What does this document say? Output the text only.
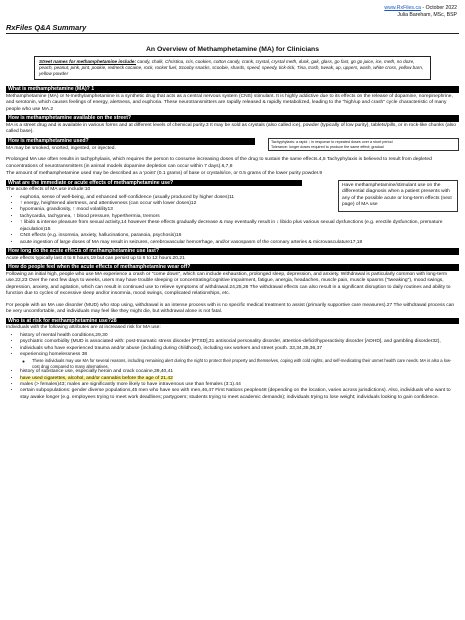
www.RxFiles.ca - October 2022
Julia Bareham, MSc, BSP
RxFiles Q&A Summary
An Overview of Methamphetamine (MA) for Clinicians
Street names for methamphetamine include: candy, chalk, Christina, cris, cookies, cotton candy, crank, crystal, crystal meth, dunk, gak, glass, go fast, go go juice, ice, meth, no doze, peach, peanut, pink, pint, pookie, redneck cocaine, rock, rocket fuel, Scooby snacks, scoobie, shards, speed, speedy, tick-tick, Tina, trash, tweak, up, uppers, wash, white cross, yellow barn, yellow powder
What is methamphetamine (MA)? 1
Methamphetamine (MA) or N-methylamphetamine is a synthetic drug that acts as a central nervous system (CNS) stimulant. It is highly addictive due to its effects on the release of dopamine, norepinephrine, and serotonin, which causes feelings of energy, alertness, and euphoria. These neurotransmitters are rapidly released & rapidly metabolized, leading to the "high/up and crash" cycle characteristic of many people who use MA.2
How is methamphetamine available on the street?
MA is a street drug and is available in various forms and at different levels of chemical purity.3 It may be sold as crystals (also called ice), powder (typically of low purity), tablets/pills, or in rock-like chunks (also called base).
How is methamphetamine used?
MA may be smoked, snorted, ingested, or injected.
Tachyphylaxis: a rapid ↓ in response to repeated doses over a short period
Tolerance: longer doses required to produce the same effect; gradual
Prolonged MA use often results in tachyphylaxis, which requires the person to consume increasing doses of the drug to sustain the same effects.4,5 Tachyphylaxis is believed to result from depleted concentrations of neurotransmitters (in animal models dopamine depletion can occur within 7 days).6,7,8
The amount of methamphetamine used may be described as a 'point' (0.1 grams) of base or crystals/ice, or 0.5 grams of the lower purity powder.9
What are the immediate or acute effects of methamphetamine use?
The acute effects of MA use include:10
• euphoria, sense of well-being, and enhanced self-confidence (usually produced by higher doses)11
• ↑ energy, heightened alertness, and attentiveness (can occur with lower doses)12
• hypomania, grandiosity, ↑ mood volatility13
• tachycardia, tachypnea, ↑ blood pressure, hyperthermia, tremors
• ↑ libido & intense pleasure from sexual activity,14 however these effects gradually decrease & may eventually result in ↓ libido plus various sexual dysfunctions (e.g. erectile dysfunction, premature ejaculation)15
• CNS effects (e.g. insomnia, anxiety, hallucinations, paranoia, psychosis)16
• acute ingestion of large doses of MA may result in seizures, cerebrovascular hemorrhage, and/or vasospasm of the coronary arteries & microvasculature17,18
Have methamphetamine/stimulant use on the differential diagnosis when a patient presents with any of the possible acute or long-term effects (next page) of MA use
How long do the acute effects of methamphetamine use last?
Acute effects typically last 4 to 8 hours,19 but can persist up to 8 to 12 hours.20,21
How do people feel when the acute effects of methamphetamine wear off?
Following an initial high, people who use MA experience a crash or "come down", which can include exhaustion, prolonged sleep, depression, and anxiety. Withdrawal is particularly common with long-term use.22,23 Over the next few days to weeks, users may have trouble sleeping or concentrating/cognitive impairment, fatigue, anergia, headaches, muscle pain, muscle spasms ("tweaking"), mood swings, depression, anxiety, and agitation, which can result in continued use to relieve symptoms of withdrawal.24,25,26 The withdrawal effects can also result in a significant disruption to daily routines and ability to function due to cycles of excessive sleep and/or insomnia, mood swings, complicated relationships, etc.
For people with an MA use disorder (MUD) who stop using, withdrawal is an intense process with is no specific medical treatment to assist (primarily supportive care measures).27 The withdrawal process can be very uncomfortable, and individuals may feel like they might die, but withdrawal alone is not fatal.
Who is at risk for methamphetamine use?28
Individuals with the following attributes are at increased risk for MA use:
• history of mental health conditions,29,30
• psychiatric comorbidity (MUD is associated with: post-traumatic stress disorder [PTSD],31 antisocial personality disorder, attention-deficit/hyperactivity disorder [ADHD], and gambling disorder32),
• individuals who have experienced trauma and/or abuse (including during childhood), including sex workers and street youth. 33,34,35,36,37
• experiencing homelessness 38
◦ These individuals may use MA for several reasons, including remaining alert during the night to protect their property and themselves, coping with cold nights, and self-medicating their unmet health care needs. MA is also a low-cost drug compared to many alternatives.
• history of substance use, especially heroin and crack cocaine,39,40,41
• have used cigarettes, alcohol, and/or cannabis before the age of 21.42
• males (> females)43; males are significantly more likely to have intravenous use than females (3:1).44
• certain subpopulations: gender diverse populations,45 men who have sex with men,46,47 First Nations peoples48 (depending on the location, varies across jurisdictions). Also, individuals who want to stay awake longer (e.g. employees trying to meet work deadlines; partygoers; students trying to meet academic demands); individuals trying to lose weight; individuals looking to gain confidence.
